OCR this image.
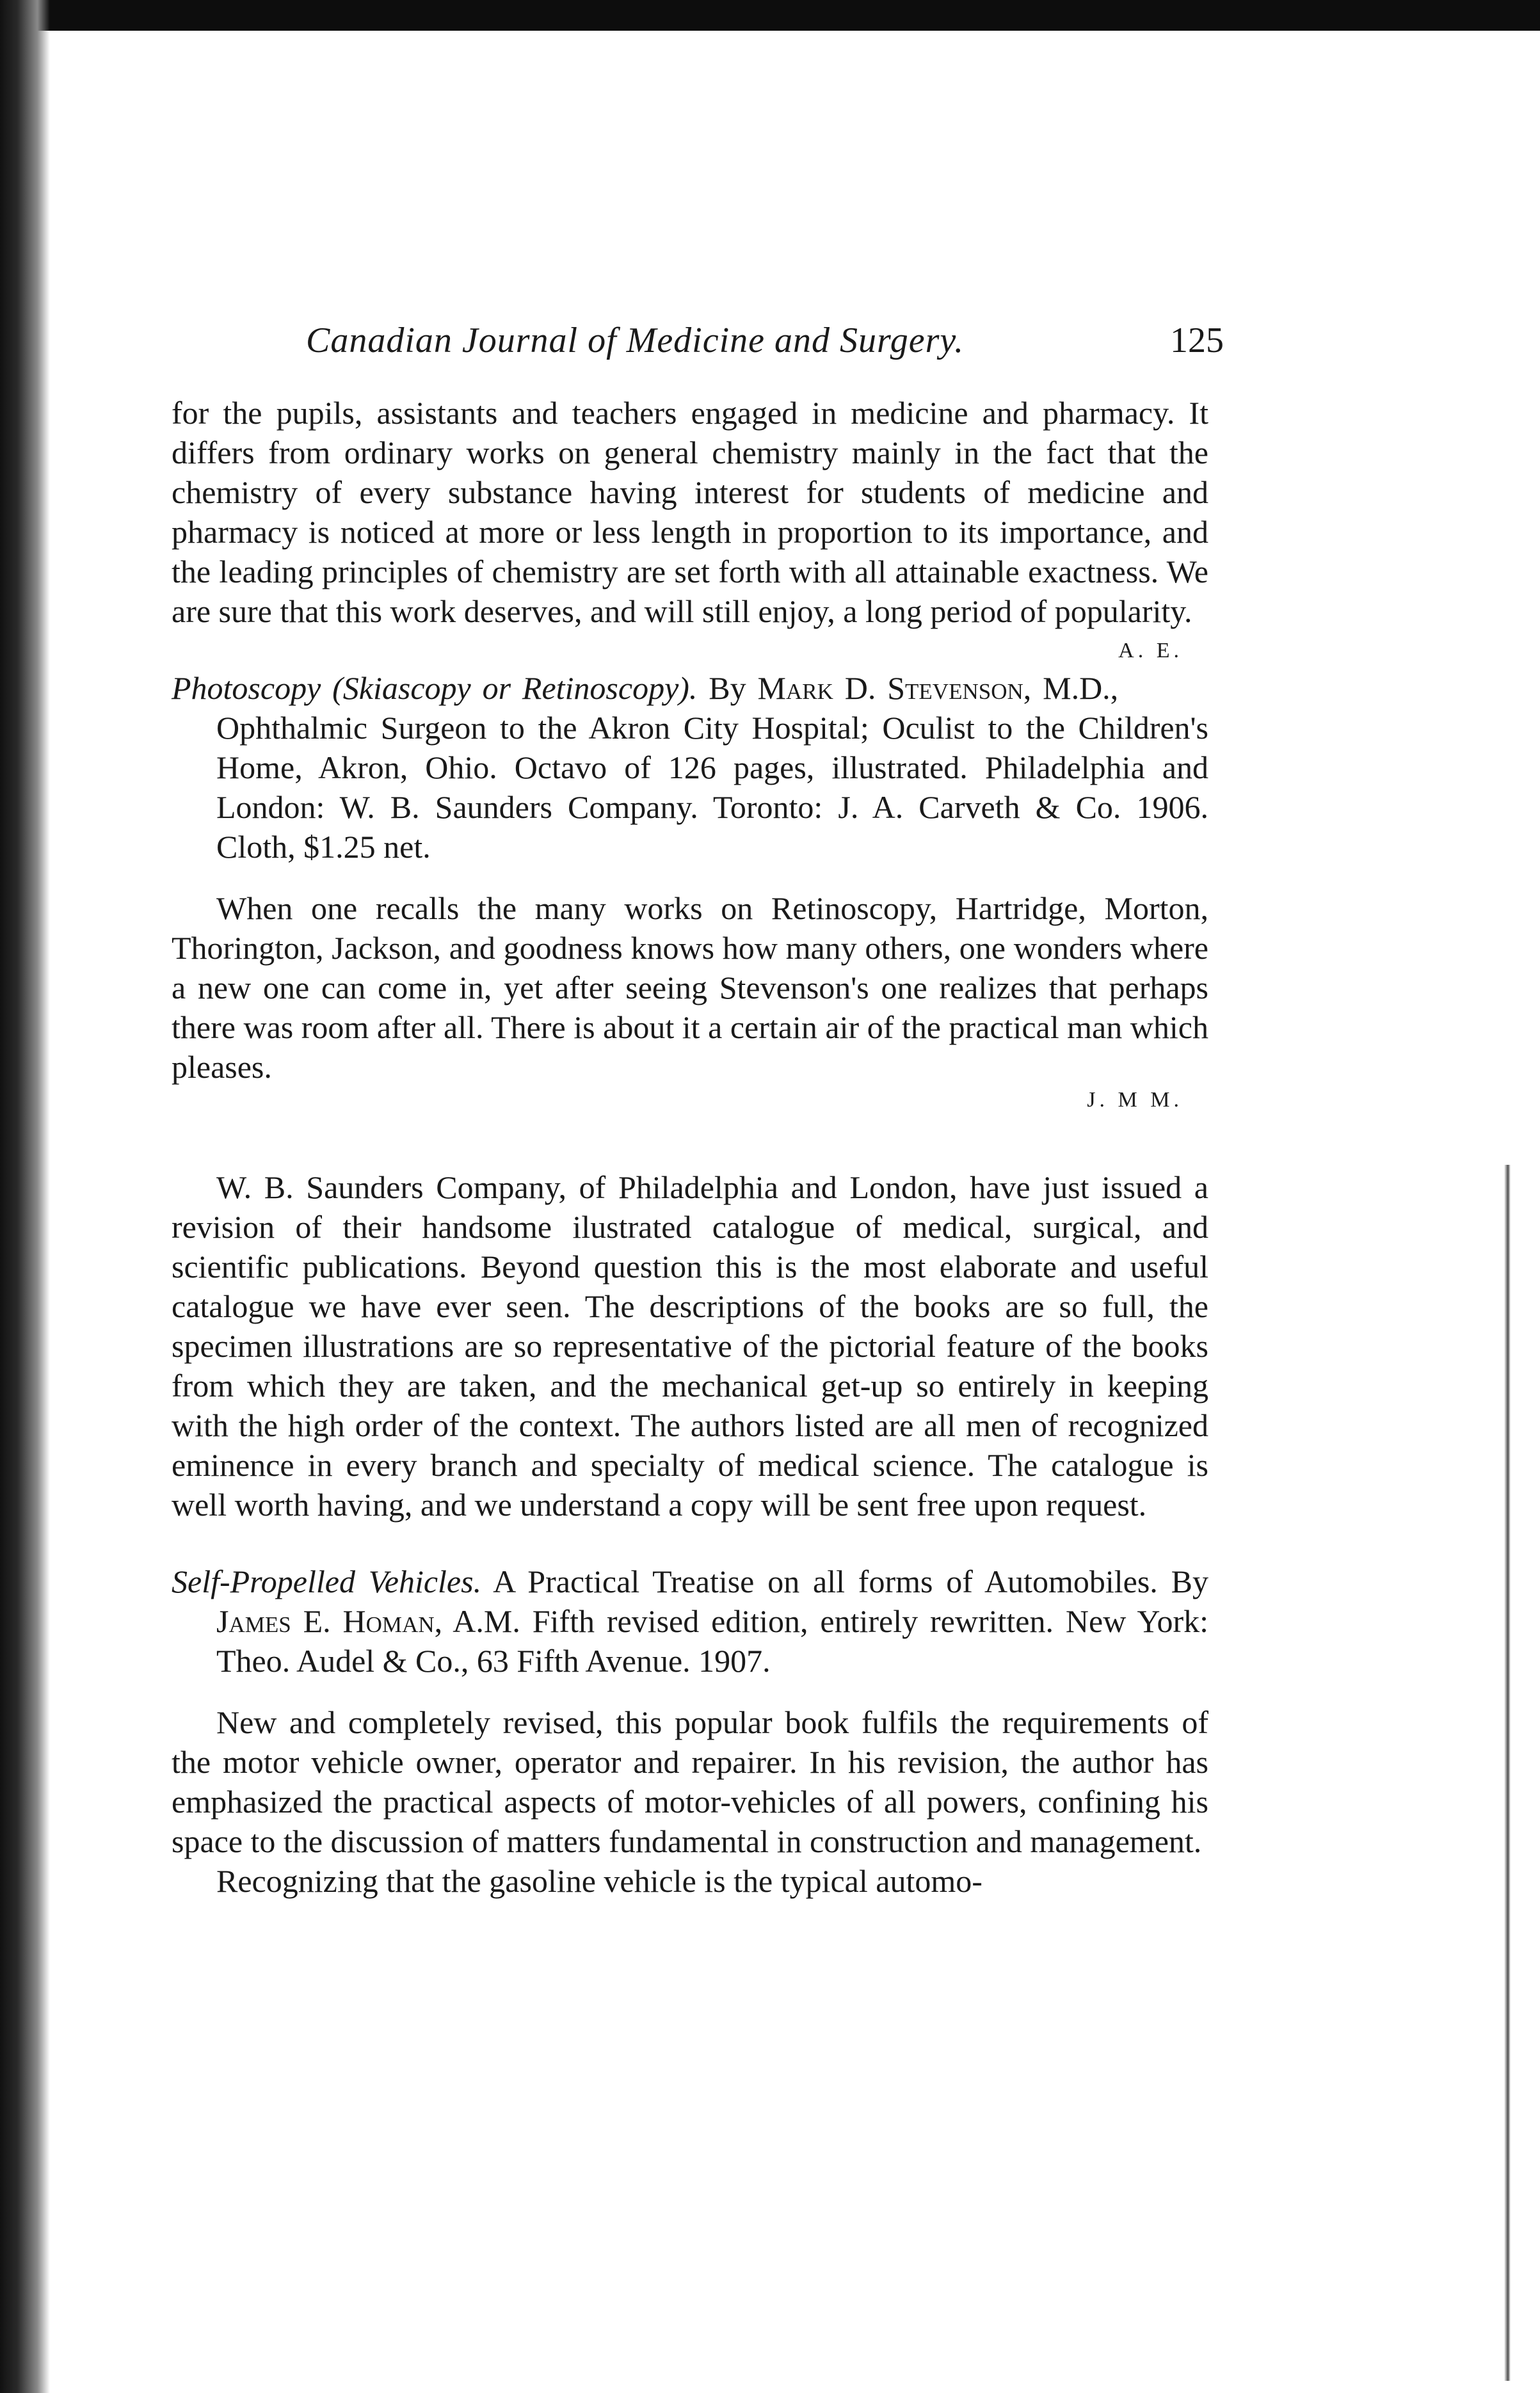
Canadian Journal of Medicine and Surgery.	125

for the pupils, assistants and teachers engaged in medicine and pharmacy. It differs from ordinary works on general chemistry mainly in the fact that the chemistry of every substance having interest for students of medicine and pharmacy is noticed at more or less length in proportion to its importance, and the leading principles of chemistry are set forth with all attainable exactness. We are sure that this work deserves, and will still enjoy, a long period of popularity.
A. E.

Photoscopy (Skiascopy or Retinoscopy). By Mark D. Stevenson, M.D., Ophthalmic Surgeon to the Akron City Hospital; Oculist to the Children's Home, Akron, Ohio. Octavo of 126 pages, illustrated. Philadelphia and London: W. B. Saunders Company. Toronto: J. A. Carveth & Co. 1906. Cloth, $1.25 net.

When one recalls the many works on Retinoscopy, Hartridge, Morton, Thorington, Jackson, and goodness knows how many others, one wonders where a new one can come in, yet after seeing Stevenson's one realizes that perhaps there was room after all. There is about it a certain air of the practical man which pleases.

J. M M.

W. B. Saunders Company, of Philadelphia and London, have just issued a revision of their handsome ilustrated catalogue of medical, surgical, and scientific publications. Beyond question this is the most elaborate and useful catalogue we have ever seen. The descriptions of the books are so full, the specimen illustrations are so representative of the pictorial feature of the books from which they are taken, and the mechanical get-up so entirely in keeping with the high order of the context. The authors listed are all men of recognized eminence in every branch and specialty of medical science. The catalogue is well worth having, and we understand a copy will be sent free upon request.

Self-Propelled Vehicles. A Practical Treatise on all forms of Automobiles. By James E. Homan, A.M. Fifth revised edition, entirely rewritten. New York: Theo. Audel & Co., 63 Fifth Avenue. 1907.

New and completely revised, this popular book fulfils the requirements of the motor vehicle owner, operator and repairer. In his revision, the author has emphasized the practical aspects of motor-vehicles of all powers, confining his space to the discussion of matters fundamental in construction and management.

Recognizing that the gasoline vehicle is the typical automo-
